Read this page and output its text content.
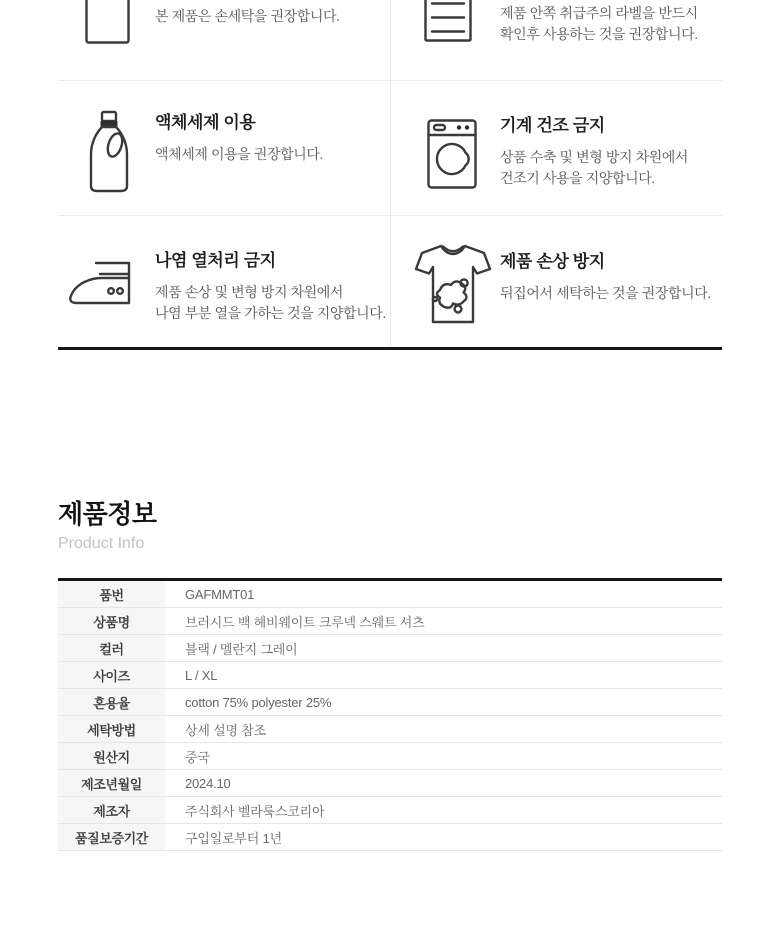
본 제품은 손세탁을 권장합니다.	제품 안쪽 취급주의 라벨을 반드시

확인후 사용하는 것을 권장합니다.

액체세제 이용

액체세제 이용을 권장합니다.

기계 건조 금지

상품 수축 및 변형 방지 차원에서

건조기 사용을 지양합니다.

나염 열처리 금지

제품 손상 및 변형 방지 차원에서

나염 부분 열을 가하는 것을 지양합니다.

제품 손상 방지

뒤집어서 세탁하는 것을 권장합니다.

제품정보

Product Info

품번	GAFMMT01
상품명	브러시드 백 헤비웨이트 크루넥 스웨트 셔츠
컬러	블랙 / 멜란지 그레이
사이즈	L / XL
혼용율	cotton 75% polyester 25%
세탁방법	상세 설명 참조
원산지	중국
제조년월일	2024.10
제조자	주식회사 벨라룩스코리아
품질보증기간	구입일로부터 1년
